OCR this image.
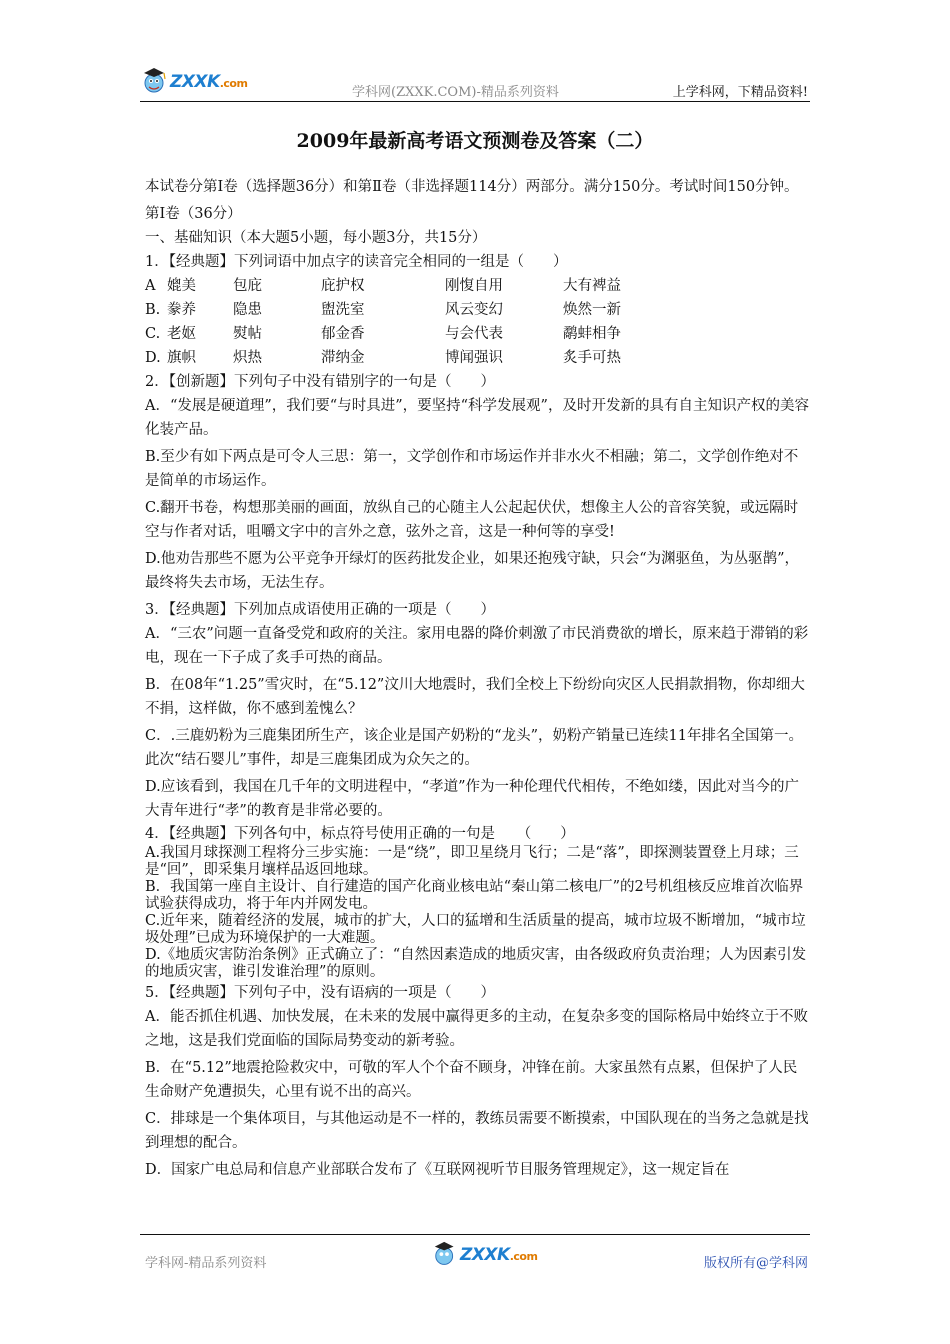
ZXXK.com
学科网(ZXXK.COM)-精品系列资料	上学科网，下精品资料!
2009年最新高考语文预测卷及答案（二）

本试卷分第Ⅰ卷（选择题36分）和第Ⅱ卷（非选择题114分）两部分。满分150分。考试时间150分钟。

第Ⅰ卷（36分）

一、基础知识（本大题5小题，每小题3分，共15分）

1．【经典题】下列词语中加点字的读音完全相同的一组是（　　）

A 媲美	包庇	庇护权	刚愎自用	大有裨益
B. 豢养	隐患	盥洗室	风云变幻	焕然一新
C. 老妪	熨帖	郁金香	与会代表	鹬蚌相争
D. 旗帜	炽热	滞纳金	博闻强识	炙手可热

2．【创新题】下列句子中没有错别字的一句是（　　）

A．“发展是硬道理”，我们要“与时具进”，要坚持“科学发展观”，及时开发新的具有自主知识产权的美容化装产品。

B.至少有如下两点是可令人三思：第一，文学创作和市场运作并非水火不相融；第二，文学创作绝对不是简单的市场运作。

C.翻开书卷，构想那美丽的画面，放纵自己的心随主人公起起伏伏，想像主人公的音容笑貌，或远隔时空与作者对话，咀嚼文字中的言外之意，弦外之音，这是一种何等的享受!

D.他劝告那些不愿为公平竞争开绿灯的医药批发企业，如果还抱残守缺，只会“为渊驱鱼，为丛驱鹊”，最终将失去市场，无法生存。

3．【经典题】下列加点成语使用正确的一项是（　　）

A．“三农”问题一直备受党和政府的关注。家用电器的降价刺激了市民消费欲的增长，原来趋于滞销的彩电，现在一下子成了炙手可热的商品。

B．在08年“1.25”雪灾时，在“5.12”汶川大地震时，我们全校上下纷纷向灾区人民捐款捐物，你却细大不捐，这样做，你不感到羞愧么？

C．.三鹿奶粉为三鹿集团所生产，该企业是国产奶粉的“龙头”，奶粉产销量已连续11年排名全国第一。此次“结石婴儿”事件，却是三鹿集团成为众矢之的。

D.应该看到，我国在几千年的文明进程中，“孝道”作为一种伦理代代相传，不绝如缕，因此对当今的广大青年进行“孝”的教育是非常必要的。

4．【经典题】下列各句中，标点符号使用正确的一句是　　（　　）

A.我国月球探测工程将分三步实施：一是“绕”，即卫星绕月飞行；二是“落”，即探测装置登上月球；三是“回”，即采集月壤样品返回地球。

B．我国第一座自主设计、自行建造的国产化商业核电站“秦山第二核电厂”的2号机组核反应堆首次临界试验获得成功，将于年内并网发电。

C.近年来，随着经济的发展，城市的扩大，人口的猛增和生活质量的提高，城市垃圾不断增加，“城市垃圾处理”已成为环境保护的一大难题。

D.《地质灾害防治条例》正式确立了：“自然因素造成的地质灾害，由各级政府负责治理；人为因素引发的地质灾害，谁引发谁治理”的原则。

5．【经典题】下列句子中，没有语病的一项是（　　）

A．能否抓住机遇、加快发展，在未来的发展中赢得更多的主动，在复杂多变的国际格局中始终立于不败之地，这是我们党面临的国际局势变动的新考验。

B．在“5.12”地震抢险救灾中，可敬的军人个个奋不顾身，冲锋在前。大家虽然有点累，但保护了人民生命财产免遭损失，心里有说不出的高兴。

C．排球是一个集体项目，与其他运动是不一样的，教练员需要不断摸索，中国队现在的当务之急就是找到理想的配合。

D．国家广电总局和信息产业部联合发布了《互联网视听节目服务管理规定》，这一规定旨在

学科网-精品系列资料	ZXXK.com	版权所有@学科网
